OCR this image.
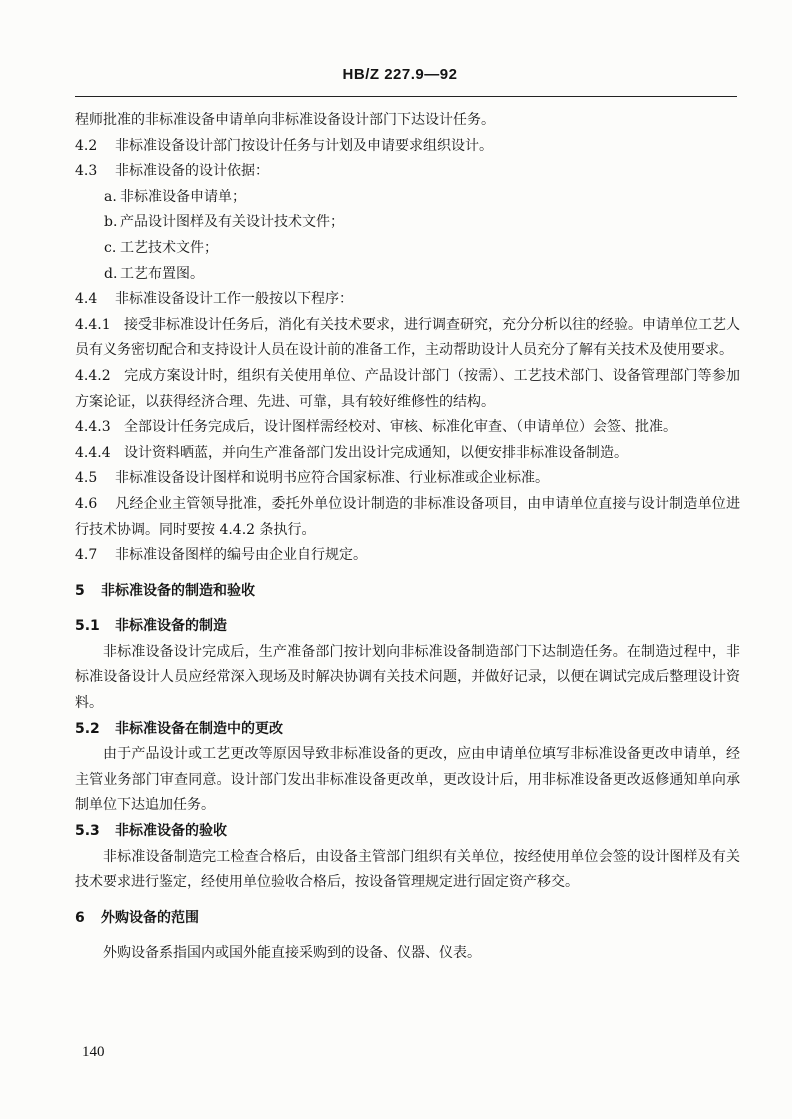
HB/Z 227.9—92

程师批准的非标准设备申请单向非标准设备设计部门下达设计任务。

4.2 非标准设备设计部门按设计任务与计划及申请要求组织设计。

4.3 非标准设备的设计依据：

a. 非标准设备申请单；

b. 产品设计图样及有关设计技术文件；

c. 工艺技术文件；

d. 工艺布置图。

4.4 非标准设备设计工作一般按以下程序：

4.4.1 接受非标准设计任务后，消化有关技术要求，进行调查研究，充分分析以往的经验。申请单位工艺人员有义务密切配合和支持设计人员在设计前的准备工作，主动帮助设计人员充分了解有关技术及使用要求。

4.4.2 完成方案设计时，组织有关使用单位、产品设计部门（按需）、工艺技术部门、设备管理部门等参加方案论证，以获得经济合理、先进、可靠，具有较好维修性的结构。

4.4.3 全部设计任务完成后，设计图样需经校对、审核、标准化审查、（申请单位）会签、批准。

4.4.4 设计资料晒蓝，并向生产准备部门发出设计完成通知，以便安排非标准设备制造。

4.5 非标准设备设计图样和说明书应符合国家标准、行业标准或企业标准。

4.6 凡经企业主管领导批准，委托外单位设计制造的非标准设备项目，由申请单位直接与设计制造单位进行技术协调。同时要按 4.4.2 条执行。

4.7 非标准设备图样的编号由企业自行规定。

5 非标准设备的制造和验收

5.1 非标准设备的制造

非标准设备设计完成后，生产准备部门按计划向非标准设备制造部门下达制造任务。在制造过程中，非标准设备设计人员应经常深入现场及时解决协调有关技术问题，并做好记录，以便在调试完成后整理设计资料。

5.2 非标准设备在制造中的更改

由于产品设计或工艺更改等原因导致非标准设备的更改，应由申请单位填写非标准设备更改申请单，经主管业务部门审查同意。设计部门发出非标准设备更改单，更改设计后，用非标准设备更改返修通知单向承制单位下达追加任务。

5.3 非标准设备的验收

非标准设备制造完工检查合格后，由设备主管部门组织有关单位，按经使用单位会签的设计图样及有关技术要求进行鉴定，经使用单位验收合格后，按设备管理规定进行固定资产移交。

6 外购设备的范围

外购设备系指国内或国外能直接采购到的设备、仪器、仪表。

140
